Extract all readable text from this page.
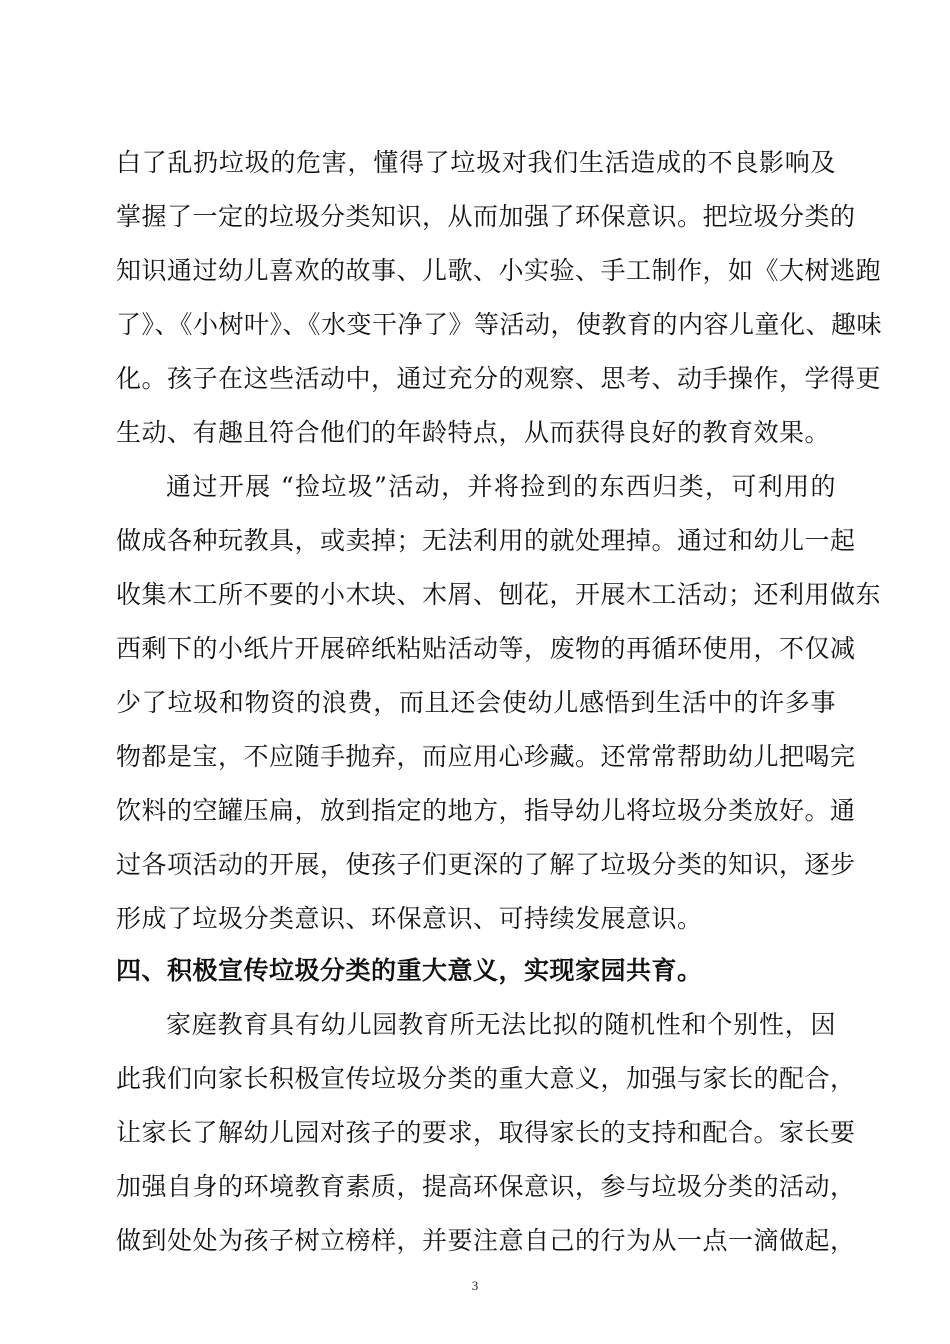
白了乱扔垃圾的危害，懂得了垃圾对我们生活造成的不良影响及
掌握了一定的垃圾分类知识，从而加强了环保意识。把垃圾分类的
知识通过幼儿喜欢的故事、儿歌、小实验、手工制作，如《大树逃跑
了》、《小树叶》、《水变干净了》等活动，使教育的内容儿童化、趣味
化。孩子在这些活动中，通过充分的观察、思考、动手操作，学得更
生动、有趣且符合他们的年龄特点，从而获得良好的教育效果。
通过开展 “捡垃圾”活动，并将捡到的东西归类，可利用的
做成各种玩教具，或卖掉；无法利用的就处理掉。通过和幼儿一起
收集木工所不要的小木块、木屑、刨花，开展木工活动；还利用做东
西剩下的小纸片开展碎纸粘贴活动等，废物的再循环使用，不仅减
少了垃圾和物资的浪费，而且还会使幼儿感悟到生活中的许多事
物都是宝，不应随手抛弃，而应用心珍藏。还常常帮助幼儿把喝完
饮料的空罐压扁，放到指定的地方，指导幼儿将垃圾分类放好。通
过各项活动的开展，使孩子们更深的了解了垃圾分类的知识，逐步
形成了垃圾分类意识、环保意识、可持续发展意识。
四、积极宣传垃圾分类的重大意义，实现家园共育。
家庭教育具有幼儿园教育所无法比拟的随机性和个别性，因
此我们向家长积极宣传垃圾分类的重大意义，加强与家长的配合，
让家长了解幼儿园对孩子的要求，取得家长的支持和配合。家长要
加强自身的环境教育素质，提高环保意识，参与垃圾分类的活动，
做到处处为孩子树立榜样，并要注意自己的行为从一点一滴做起，
3
